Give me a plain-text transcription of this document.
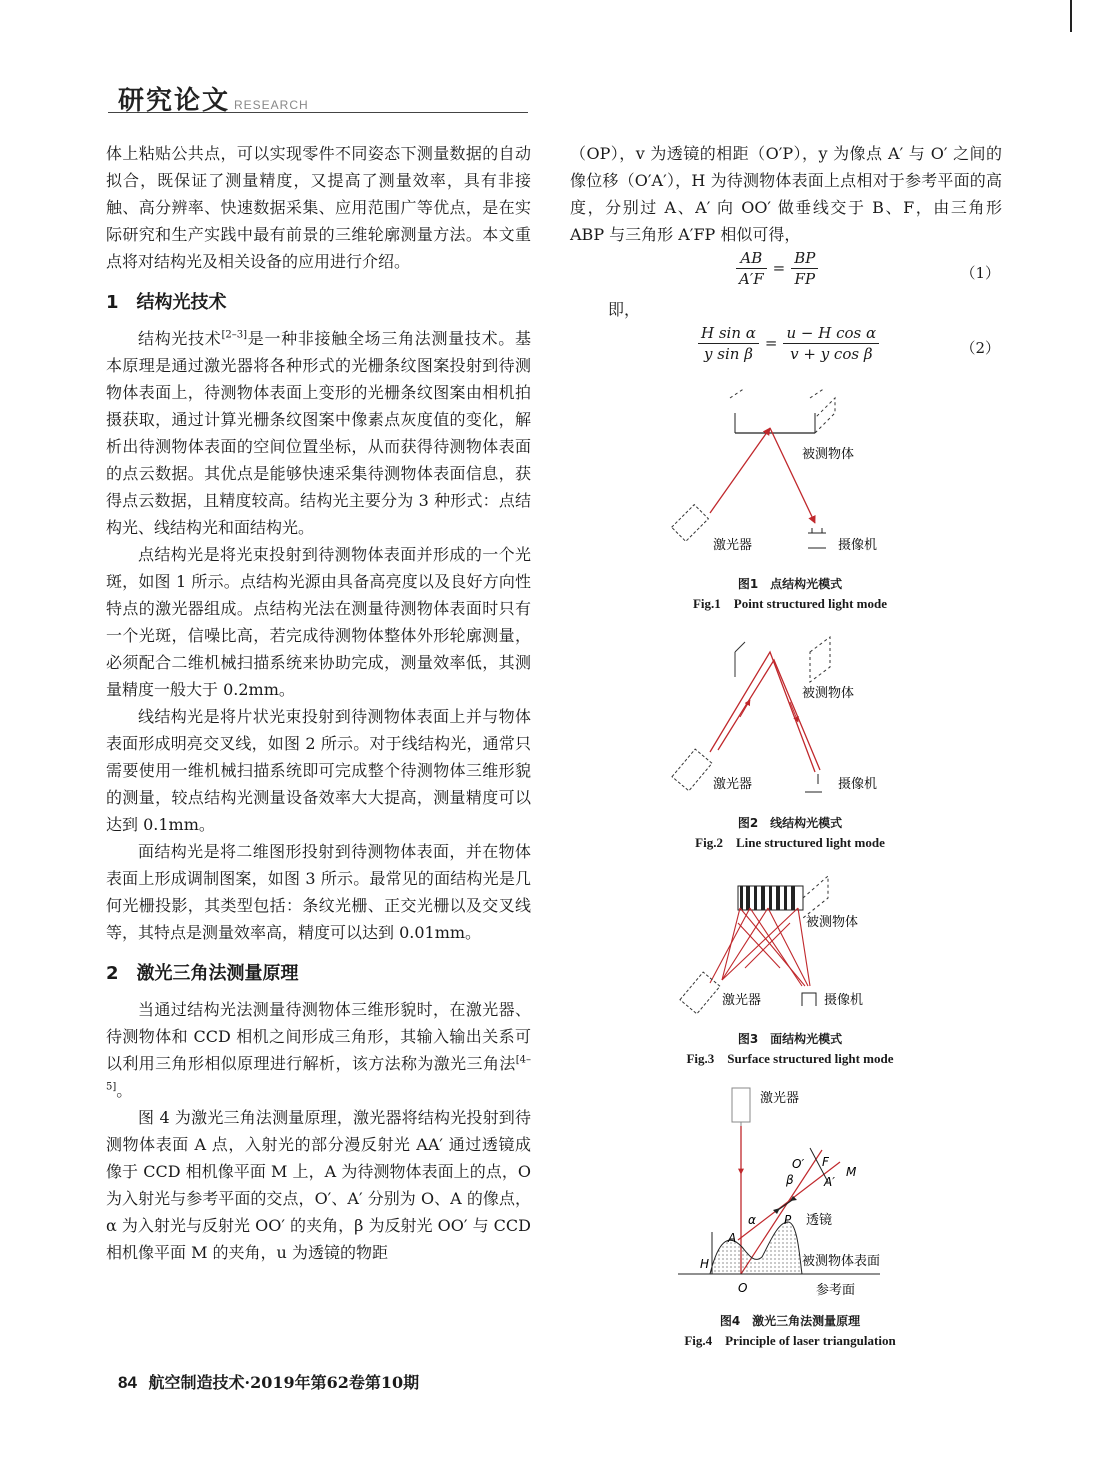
研究论文 RESEARCH

体上粘贴公共点，可以实现零件不同姿态下测量数据的自动拟合，既保证了测量精度，又提高了测量效率，具有非接触、高分辨率、快速数据采集、应用范围广等优点，是在实际研究和生产实践中最有前景的三维轮廓测量方法。本文重点将对结构光及相关设备的应用进行介绍。

1 结构光技术

结构光技术[2–3]是一种非接触全场三角法测量技术。基本原理是通过激光器将各种形式的光栅条纹图案投射到待测物体表面上，待测物体表面上变形的光栅条纹图案由相机拍摄获取，通过计算光栅条纹图案中像素点灰度值的变化，解析出待测物体表面的空间位置坐标，从而获得待测物体表面的点云数据。其优点是能够快速采集待测物体表面信息，获得点云数据，且精度较高。结构光主要分为 3 种形式：点结构光、线结构光和面结构光。

点结构光是将光束投射到待测物体表面并形成的一个光斑，如图 1 所示。点结构光源由具备高亮度以及良好方向性特点的激光器组成。点结构光法在测量待测物体表面时只有一个光斑，信噪比高，若完成待测物体整体外形轮廓测量，必须配合二维机械扫描系统来协助完成，测量效率低，其测量精度一般大于 0.2mm。

线结构光是将片状光束投射到待测物体表面上并与物体表面形成明亮交叉线，如图 2 所示。对于线结构光，通常只需要使用一维机械扫描系统即可完成整个待测物体三维形貌的测量，较点结构光测量设备效率大大提高，测量精度可以达到 0.1mm。

面结构光是将二维图形投射到待测物体表面，并在物体表面上形成调制图案，如图 3 所示。最常见的面结构光是几何光栅投影，其类型包括：条纹光栅、正交光栅以及交叉线等，其特点是测量效率高，精度可以达到 0.01mm。

2 激光三角法测量原理

当通过结构光法测量待测物体三维形貌时，在激光器、待测物体和 CCD 相机之间形成三角形，其输入输出关系可以利用三角形相似原理进行解析，该方法称为激光三角法[4–5]。

图 4 为激光三角法测量原理，激光器将结构光投射到待测物体表面 A 点，入射光的部分漫反射光 AA′ 通过透镜成像于 CCD 相机像平面 M 上，A 为待测物体表面上的点，O 为入射光与参考平面的交点，O′、A′ 分别为 O、A 的像点，α 为入射光与反射光 OO′ 的夹角，β 为反射光 OO′ 与 CCD 相机像平面 M 的夹角，u 为透镜的物距

（OP），v 为透镜的相距（O′P），y 为像点 A′ 与 O′ 之间的像位移（O′A′），H 为待测物体表面上点相对于参考平面的高度，分别过 A、A′ 向 OO′ 做垂线交于 B、F，由三角形 ABP 与三角形 A′FP 相似可得，

$\frac{AB}{A'F} = \frac{BP}{FP}$	（1）

即，

$\frac{\text{H sin α}}{\text{y sin β}} = \frac{\text{u − H cos α}}{\text{v + y cos β}}$	（2）
被测物体
激光器	摄像机
图1　点结构光模式
Fig.1　Point structured light mode
被测物体
激光器	摄像机
图2　线结构光模式
Fig.2　Line structured light mode
被测物体
激光器	摄像机
图3　面结构光模式
Fig.3　Surface structured light mode
激光器
O′ F
M
A′
β
P 透镜
α
A
H	被测物体表面
O	参考面
图4　激光三角法测量原理
Fig.4　Principle of laser triangulation
84 航空制造技术·2019年第62卷第10期
